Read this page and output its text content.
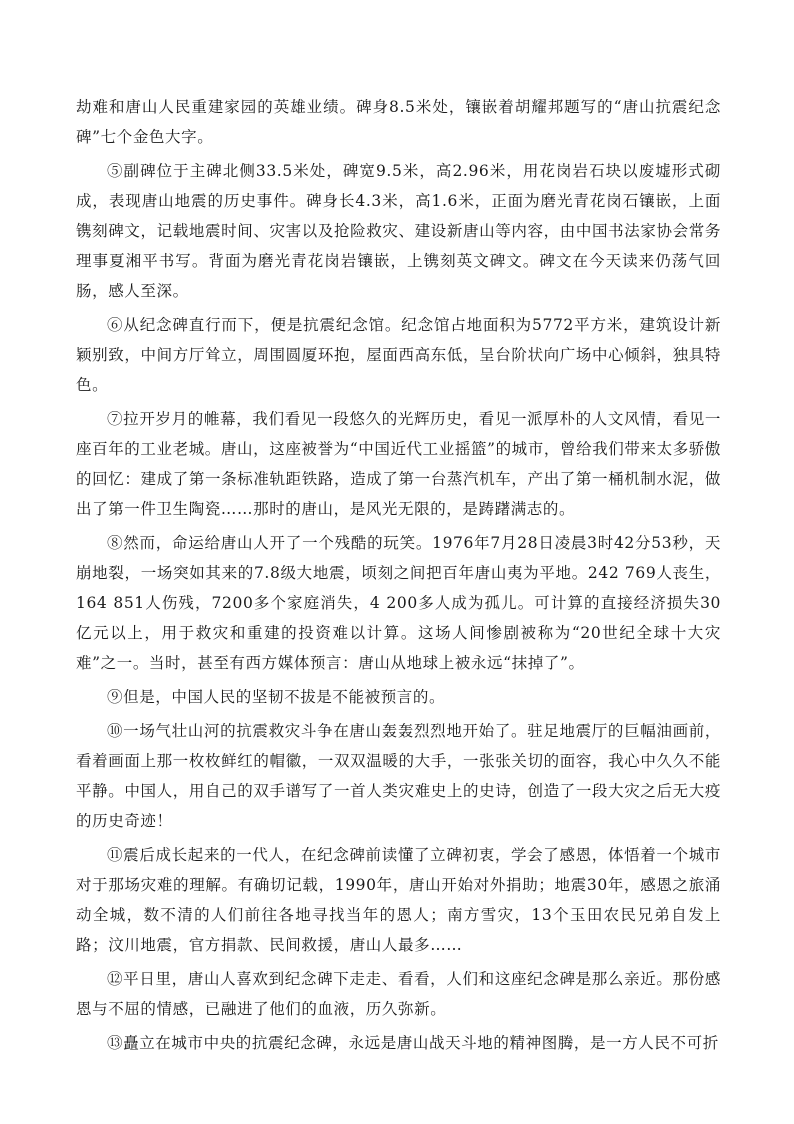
劫难和唐山人民重建家园的英雄业绩。碑身8.5米处，镶嵌着胡耀邦题写的“唐山抗震纪念碑”七个金色大字。

⑤副碑位于主碑北侧33.5米处，碑宽9.5米，高2.96米，用花岗岩石块以废墟形式砌成，表现唐山地震的历史事件。碑身长4.3米，高1.6米，正面为磨光青花岗石镶嵌，上面镌刻碑文，记载地震时间、灾害以及抢险救灾、建设新唐山等内容，由中国书法家协会常务理事夏湘平书写。背面为磨光青花岗岩镶嵌，上镌刻英文碑文。碑文在今天读来仍荡气回肠，感人至深。

⑥从纪念碑直行而下，便是抗震纪念馆。纪念馆占地面积为5772平方米，建筑设计新颖别致，中间方厅耸立，周围圆厦环抱，屋面西高东低，呈台阶状向广场中心倾斜，独具特色。

⑦拉开岁月的帷幕，我们看见一段悠久的光辉历史，看见一派厚朴的人文风情，看见一座百年的工业老城。唐山，这座被誉为“中国近代工业摇篮”的城市，曾给我们带来太多骄傲的回忆：建成了第一条标准轨距铁路，造成了第一台蒸汽机车，产出了第一桶机制水泥，做出了第一件卫生陶瓷……那时的唐山，是风光无限的，是踌躇满志的。

⑧然而，命运给唐山人开了一个残酷的玩笑。1976年7月28日凌晨3时42分53秒，天崩地裂，一场突如其来的7.8级大地震，顷刻之间把百年唐山夷为平地。242 769人丧生，164 851人伤残，7200多个家庭消失，4 200多人成为孤儿。可计算的直接经济损失30亿元以上，用于救灾和重建的投资难以计算。这场人间惨剧被称为“20世纪全球十大灾难”之一。当时，甚至有西方媒体预言：唐山从地球上被永远“抹掉了”。

⑨但是，中国人民的坚韧不拔是不能被预言的。

⑩一场气壮山河的抗震救灾斗争在唐山轰轰烈烈地开始了。驻足地震厅的巨幅油画前，看着画面上那一枚枚鲜红的帽徽，一双双温暖的大手，一张张关切的面容，我心中久久不能平静。中国人，用自己的双手谱写了一首人类灾难史上的史诗，创造了一段大灾之后无大疫的历史奇迹！

⑪震后成长起来的一代人，在纪念碑前读懂了立碑初衷，学会了感恩，体悟着一个城市对于那场灾难的理解。有确切记载，1990年，唐山开始对外捐助；地震30年，感恩之旅涌动全城，数不清的人们前往各地寻找当年的恩人；南方雪灾，13个玉田农民兄弟自发上路；汶川地震，官方捐款、民间救援，唐山人最多……

⑫平日里，唐山人喜欢到纪念碑下走走、看看，人们和这座纪念碑是那么亲近。那份感恩与不屈的情感，已融进了他们的血液，历久弥新。

⑬矗立在城市中央的抗震纪念碑，永远是唐山战天斗地的精神图腾，是一方人民不可折
